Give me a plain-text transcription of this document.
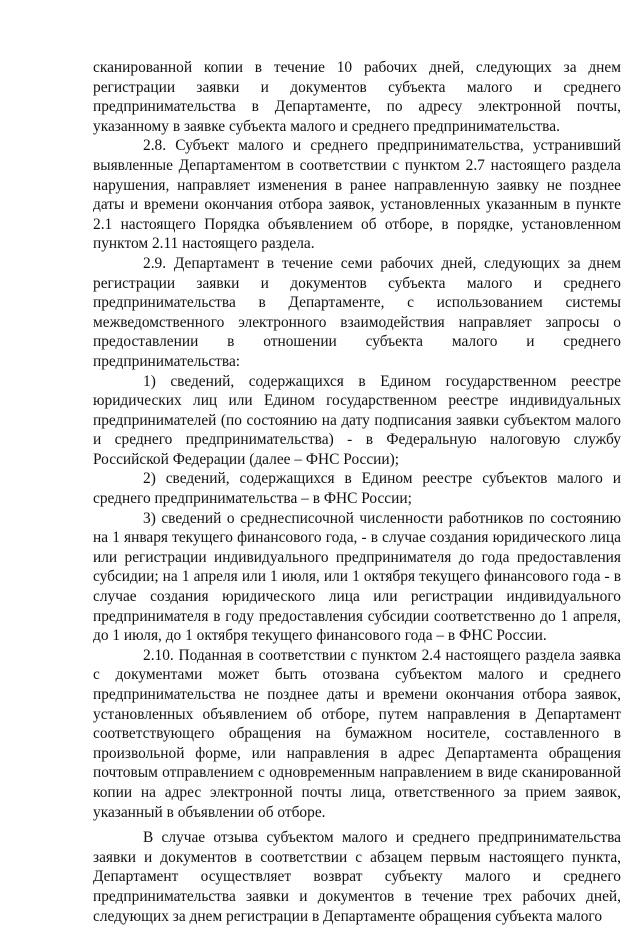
сканированной копии в течение 10 рабочих дней, следующих за днем регистрации заявки и документов субъекта малого и среднего предпринимательства в Департаменте, по адресу электронной почты, указанному в заявке субъекта малого и среднего предпринимательства.

2.8. Субъект малого и среднего предпринимательства, устранивший выявленные Департаментом в соответствии с пунктом 2.7 настоящего раздела нарушения, направляет изменения в ранее направленную заявку не позднее даты и времени окончания отбора заявок, установленных указанным в пункте 2.1 настоящего Порядка объявлением об отборе, в порядке, установленном пунктом 2.11 настоящего раздела.

2.9. Департамент в течение семи рабочих дней, следующих за днем регистрации заявки и документов субъекта малого и среднего предпринимательства в Департаменте, с использованием системы межведомственного электронного взаимодействия направляет запросы о предоставлении в отношении субъекта малого и среднего предпринимательства:

1) сведений, содержащихся в Едином государственном реестре юридических лиц или Едином государственном реестре индивидуальных предпринимателей (по состоянию на дату подписания заявки субъектом малого и среднего предпринимательства) - в Федеральную налоговую службу Российской Федерации (далее – ФНС России);

2) сведений, содержащихся в Едином реестре субъектов малого и среднего предпринимательства – в ФНС России;

3) сведений о среднесписочной численности работников по состоянию на 1 января текущего финансового года, - в случае создания юридического лица или регистрации индивидуального предпринимателя до года предоставления субсидии; на 1 апреля или 1 июля, или 1 октября текущего финансового года - в случае создания юридического лица или регистрации индивидуального предпринимателя в году предоставления субсидии соответственно до 1 апреля, до 1 июля, до 1 октября текущего финансового года – в ФНС России.

2.10. Поданная в соответствии с пунктом 2.4 настоящего раздела заявка с документами может быть отозвана субъектом малого и среднего предпринимательства не позднее даты и времени окончания отбора заявок, установленных объявлением об отборе, путем направления в Департамент соответствующего обращения на бумажном носителе, составленного в произвольной форме, или направления в адрес Департамента обращения почтовым отправлением с одновременным направлением в виде сканированной копии на адрес электронной почты лица, ответственного за прием заявок, указанный в объявлении об отборе.

В случае отзыва субъектом малого и среднего предпринимательства заявки и документов в соответствии с абзацем первым настоящего пункта, Департамент осуществляет возврат субъекту малого и среднего предпринимательства заявки и документов в течение трех рабочих дней, следующих за днем регистрации в Департаменте обращения субъекта малого
